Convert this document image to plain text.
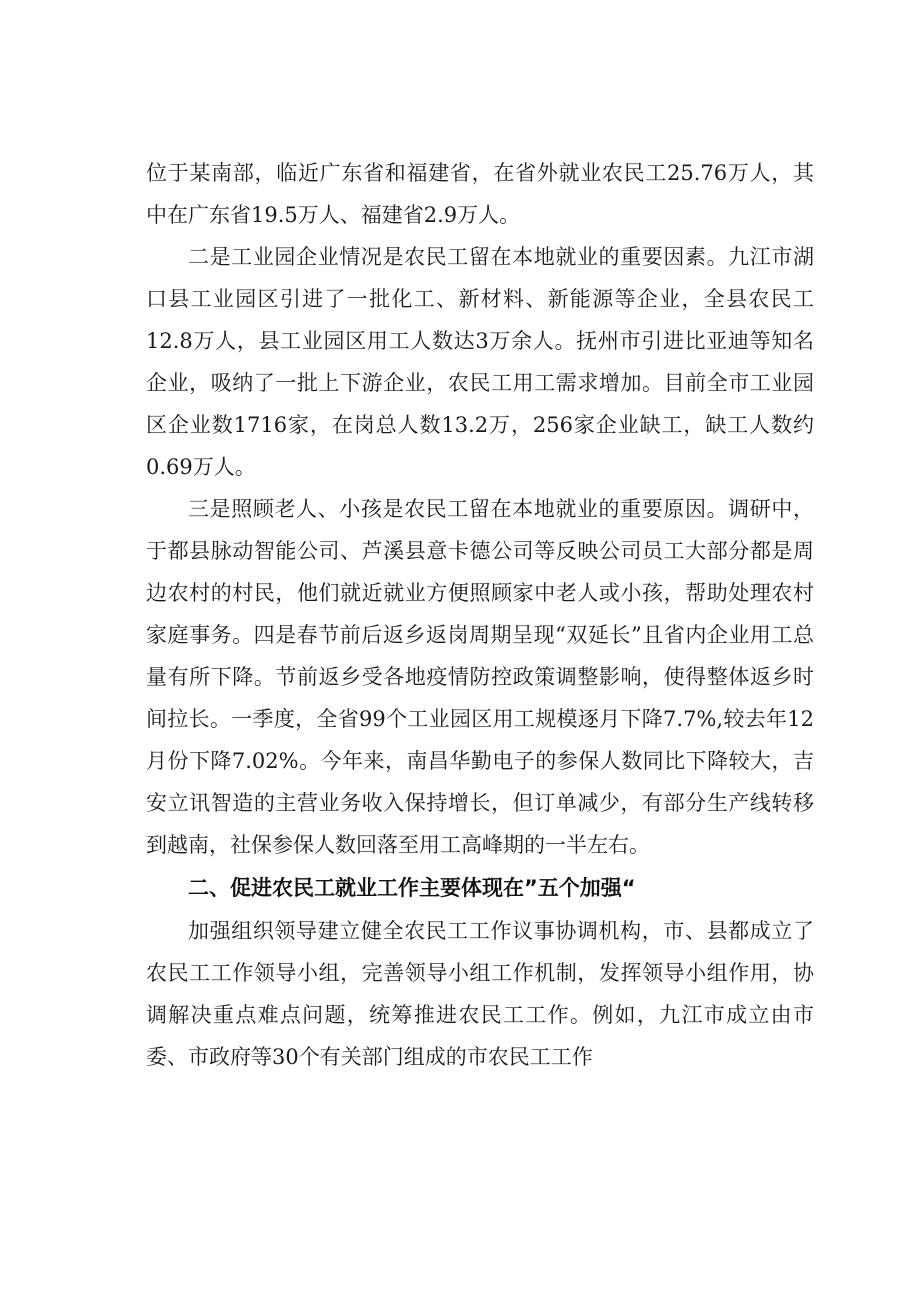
位于某南部，临近广东省和福建省，在省外就业农民工25.76万人，其中在广东省19.5万人、福建省2.9万人。

二是工业园企业情况是农民工留在本地就业的重要因素。九江市湖口县工业园区引进了一批化工、新材料、新能源等企业，全县农民工12.8万人，县工业园区用工人数达3万余人。抚州市引进比亚迪等知名企业，吸纳了一批上下游企业，农民工用工需求增加。目前全市工业园区企业数1716家，在岗总人数13.2万，256家企业缺工，缺工人数约0.69万人。

三是照顾老人、小孩是农民工留在本地就业的重要原因。调研中，于都县脉动智能公司、芦溪县意卡德公司等反映公司员工大部分都是周边农村的村民，他们就近就业方便照顾家中老人或小孩，帮助处理农村家庭事务。四是春节前后返乡返岗周期呈现“双延长”且省内企业用工总量有所下降。节前返乡受各地疫情防控政策调整影响，使得整体返乡时间拉长。一季度，全省99个工业园区用工规模逐月下降7.7%,较去年12月份下降7.02%。今年来，南昌华勤电子的参保人数同比下降较大，吉安立讯智造的主营业务收入保持增长，但订单减少，有部分生产线转移到越南，社保参保人数回落至用工高峰期的一半左右。

二、促进农民工就业工作主要体现在”五个加强“

加强组织领导建立健全农民工工作议事协调机构，市、县都成立了农民工工作领导小组，完善领导小组工作机制，发挥领导小组作用，协调解决重点难点问题，统筹推进农民工工作。例如，九江市成立由市委、市政府等30个有关部门组成的市农民工工作
